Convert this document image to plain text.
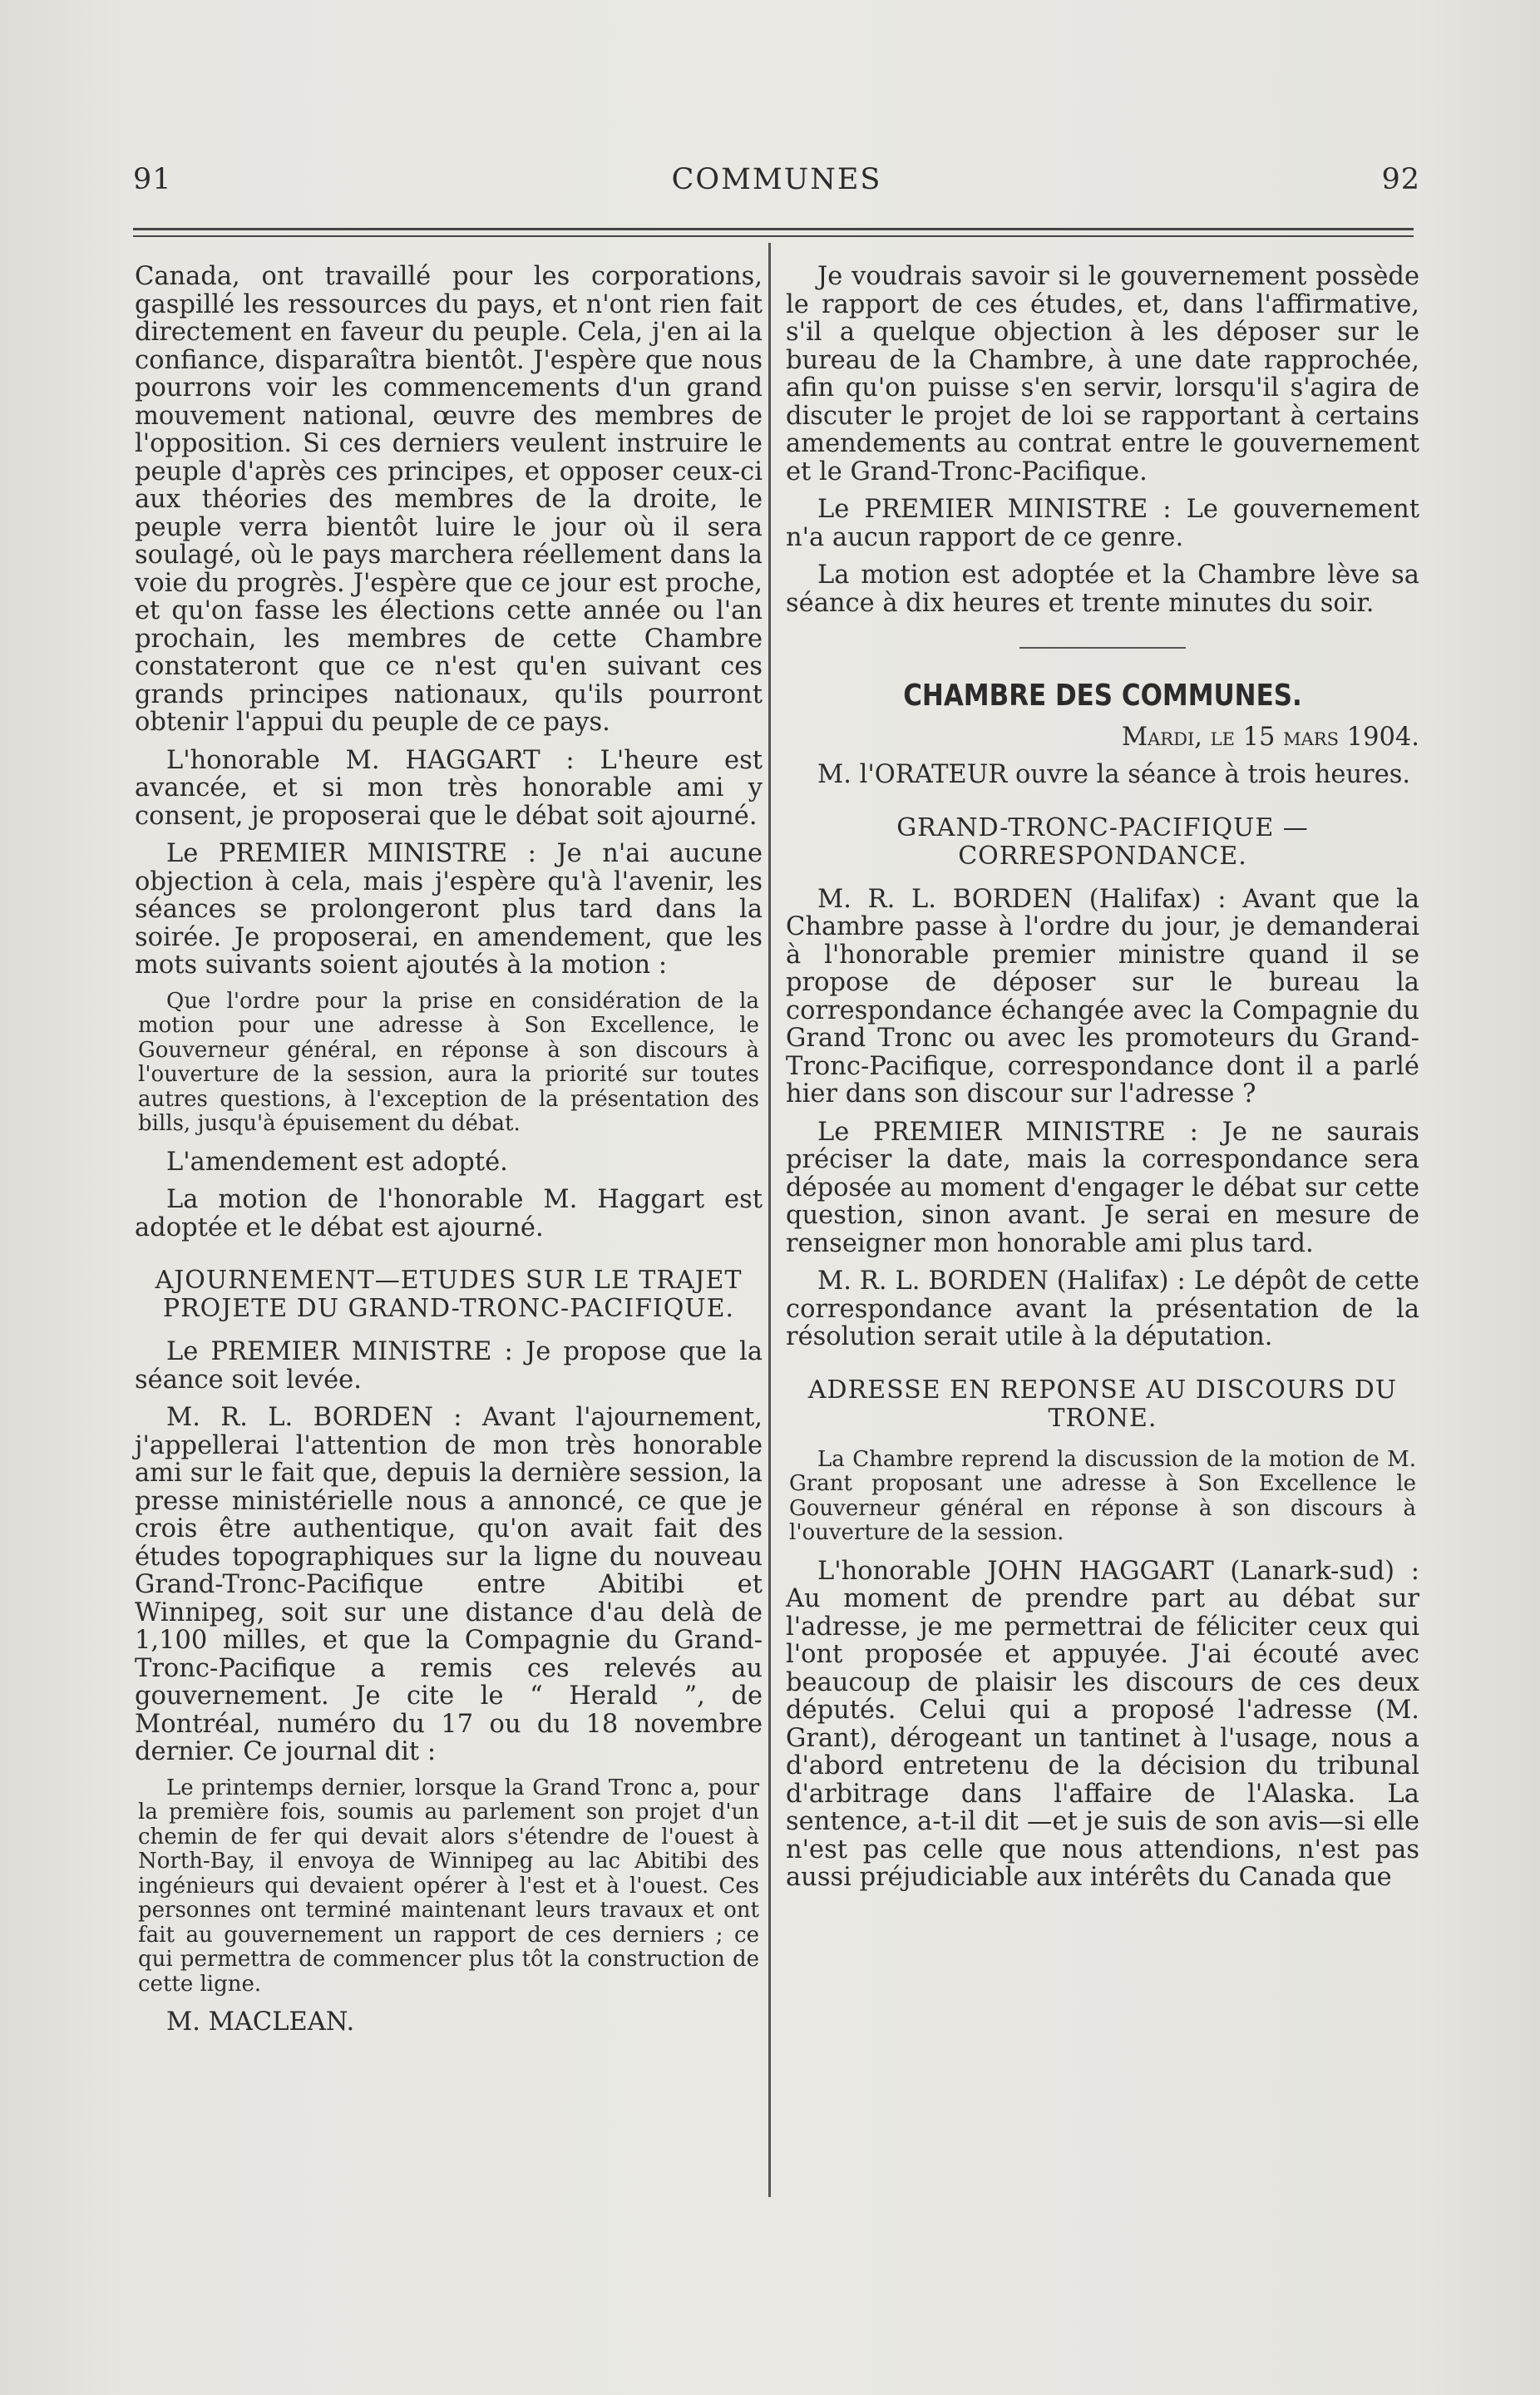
91	COMMUNES	92

Canada, ont travaillé pour les corporations, gaspillé les ressources du pays, et n'ont rien fait directement en faveur du peuple. Cela, j'en ai la confiance, disparaîtra bientôt. J'espère que nous pourrons voir les commencements d'un grand mouvement national, œuvre des membres de l'opposition. Si ces derniers veulent instruire le peuple d'après ces principes, et opposer ceux-ci aux théories des membres de la droite, le peuple verra bientôt luire le jour où il sera soulagé, où le pays marchera réellement dans la voie du progrès. J'espère que ce jour est proche, et qu'on fasse les élections cette année ou l'an prochain, les membres de cette Chambre constateront que ce n'est qu'en suivant ces grands principes nationaux, qu'ils pourront obtenir l'appui du peuple de ce pays.

L'honorable M. HAGGART : L'heure est avancée, et si mon très honorable ami y consent, je proposerai que le débat soit ajourné.

Le PREMIER MINISTRE : Je n'ai aucune objection à cela, mais j'espère qu'à l'avenir, les séances se prolongeront plus tard dans la soirée. Je proposerai, en amendement, que les mots suivants soient ajoutés à la motion :

Que l'ordre pour la prise en considération de la motion pour une adresse à Son Excellence, le Gouverneur général, en réponse à son discours à l'ouverture de la session, aura la priorité sur toutes autres questions, à l'exception de la présentation des bills, jusqu'à épuisement du débat.

L'amendement est adopté.

La motion de l'honorable M. Haggart est adoptée et le débat est ajourné.

AJOURNEMENT—ETUDES SUR LE TRAJET PROJETE DU GRAND-TRONC-PACIFIQUE.

Le PREMIER MINISTRE : Je propose que la séance soit levée.

M. R. L. BORDEN : Avant l'ajournement, j'appellerai l'attention de mon très honorable ami sur le fait que, depuis la dernière session, la presse ministérielle nous a annoncé, ce que je crois être authentique, qu'on avait fait des études topographiques sur la ligne du nouveau Grand-Tronc-Pacifique entre Abitibi et Winnipeg, soit sur une distance d'au delà de 1,100 milles, et que la Compagnie du Grand-Tronc-Pacifique a remis ces relevés au gouvernement. Je cite le “ Herald ”, de Montréal, numéro du 17 ou du 18 novembre dernier. Ce journal dit :

Le printemps dernier, lorsque la Grand Tronc a, pour la première fois, soumis au parlement son projet d'un chemin de fer qui devait alors s'étendre de l'ouest à North-Bay, il envoya de Winnipeg au lac Abitibi des ingénieurs qui devaient opérer à l'est et à l'ouest. Ces personnes ont terminé maintenant leurs travaux et ont fait au gouvernement un rapport de ces derniers ; ce qui permettra de commencer plus tôt la construction de cette ligne.

M. MACLEAN.

Je voudrais savoir si le gouvernement possède le rapport de ces études, et, dans l'affirmative, s'il a quelque objection à les déposer sur le bureau de la Chambre, à une date rapprochée, afin qu'on puisse s'en servir, lorsqu'il s'agira de discuter le projet de loi se rapportant à certains amendements au contrat entre le gouvernement et le Grand-Tronc-Pacifique.

Le PREMIER MINISTRE : Le gouvernement n'a aucun rapport de ce genre.

La motion est adoptée et la Chambre lève sa séance à dix heures et trente minutes du soir.

CHAMBRE DES COMMUNES.

Mardi, le 15 mars 1904.

M. l'ORATEUR ouvre la séance à trois heures.

GRAND-TRONC-PACIFIQUE — CORRESPONDANCE.

M. R. L. BORDEN (Halifax) : Avant que la Chambre passe à l'ordre du jour, je demanderai à l'honorable premier ministre quand il se propose de déposer sur le bureau la correspondance échangée avec la Compagnie du Grand Tronc ou avec les promoteurs du Grand-Tronc-Pacifique, correspondance dont il a parlé hier dans son discour sur l'adresse ?

Le PREMIER MINISTRE : Je ne saurais préciser la date, mais la correspondance sera déposée au moment d'engager le débat sur cette question, sinon avant. Je serai en mesure de renseigner mon honorable ami plus tard.

M. R. L. BORDEN (Halifax) : Le dépôt de cette correspondance avant la présentation de la résolution serait utile à la députation.

ADRESSE EN REPONSE AU DISCOURS DU TRONE.

La Chambre reprend la discussion de la motion de M. Grant proposant une adresse à Son Excellence le Gouverneur général en réponse à son discours à l'ouverture de la session.

L'honorable JOHN HAGGART (Lanark-sud) : Au moment de prendre part au débat sur l'adresse, je me permettrai de féliciter ceux qui l'ont proposée et appuyée. J'ai écouté avec beaucoup de plaisir les discours de ces deux députés. Celui qui a proposé l'adresse (M. Grant), dérogeant un tantinet à l'usage, nous a d'abord entretenu de la décision du tribunal d'arbitrage dans l'affaire de l'Alaska. La sentence, a-t-il dit —et je suis de son avis—si elle n'est pas celle que nous attendions, n'est pas aussi préjudiciable aux intérêts du Canada que
